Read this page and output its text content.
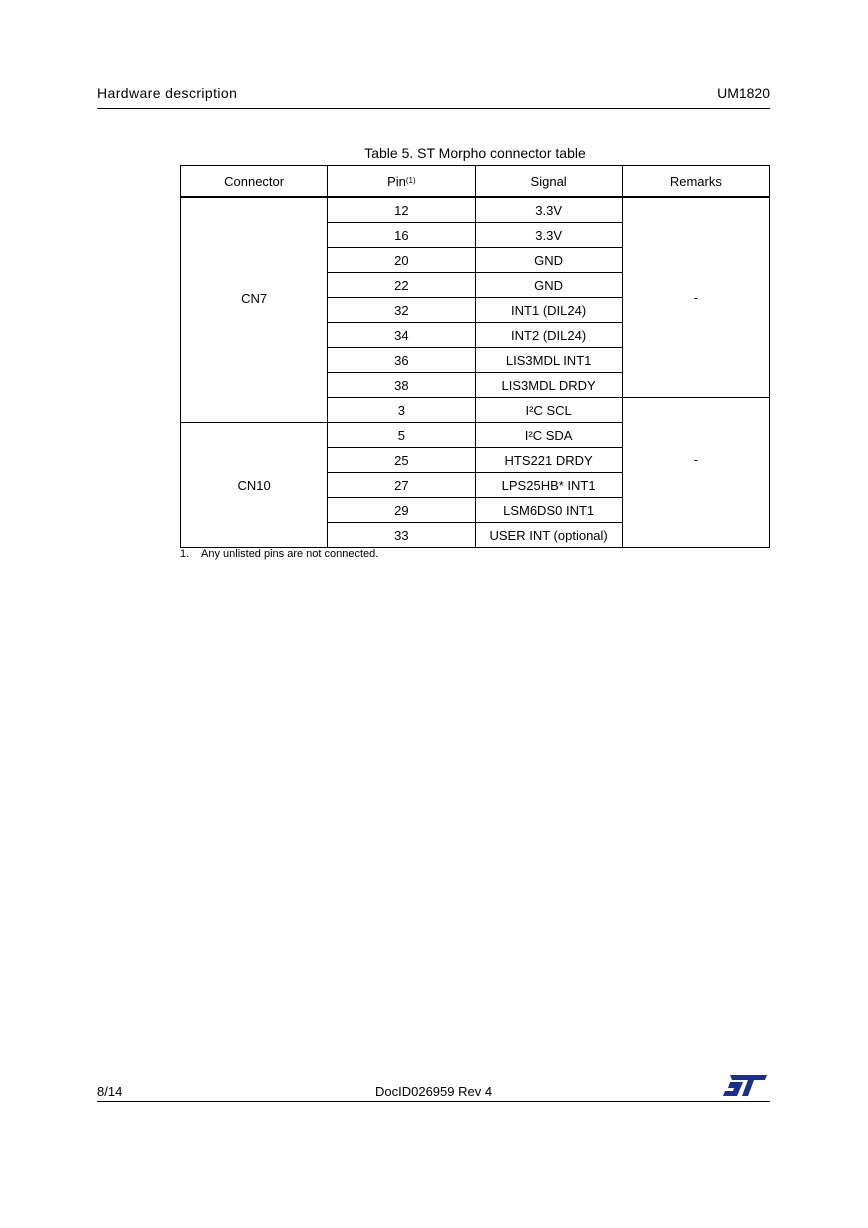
Hardware description	UM1820
Table 5. ST Morpho connector table
Connector	Pin$^{(1)}$	Signal	Remarks
CN7	12	3.3V	-
	16	3.3V	
	20	GND	
	22	GND	
	32	INT1 (DIL24)	
	34	INT2 (DIL24)	
	36	LIS3MDL INT1	
	38	LIS3MDL DRDY	
	3	I²C SCL	-
CN10	5	I²C SDA	
	25	HTS221 DRDY	
	27	LPS25HB* INT1	
	29	LSM6DS0 INT1	
	33	USER INT (optional)	
1. Any unlisted pins are not connected.
8/14	DocID026959 Rev 4
